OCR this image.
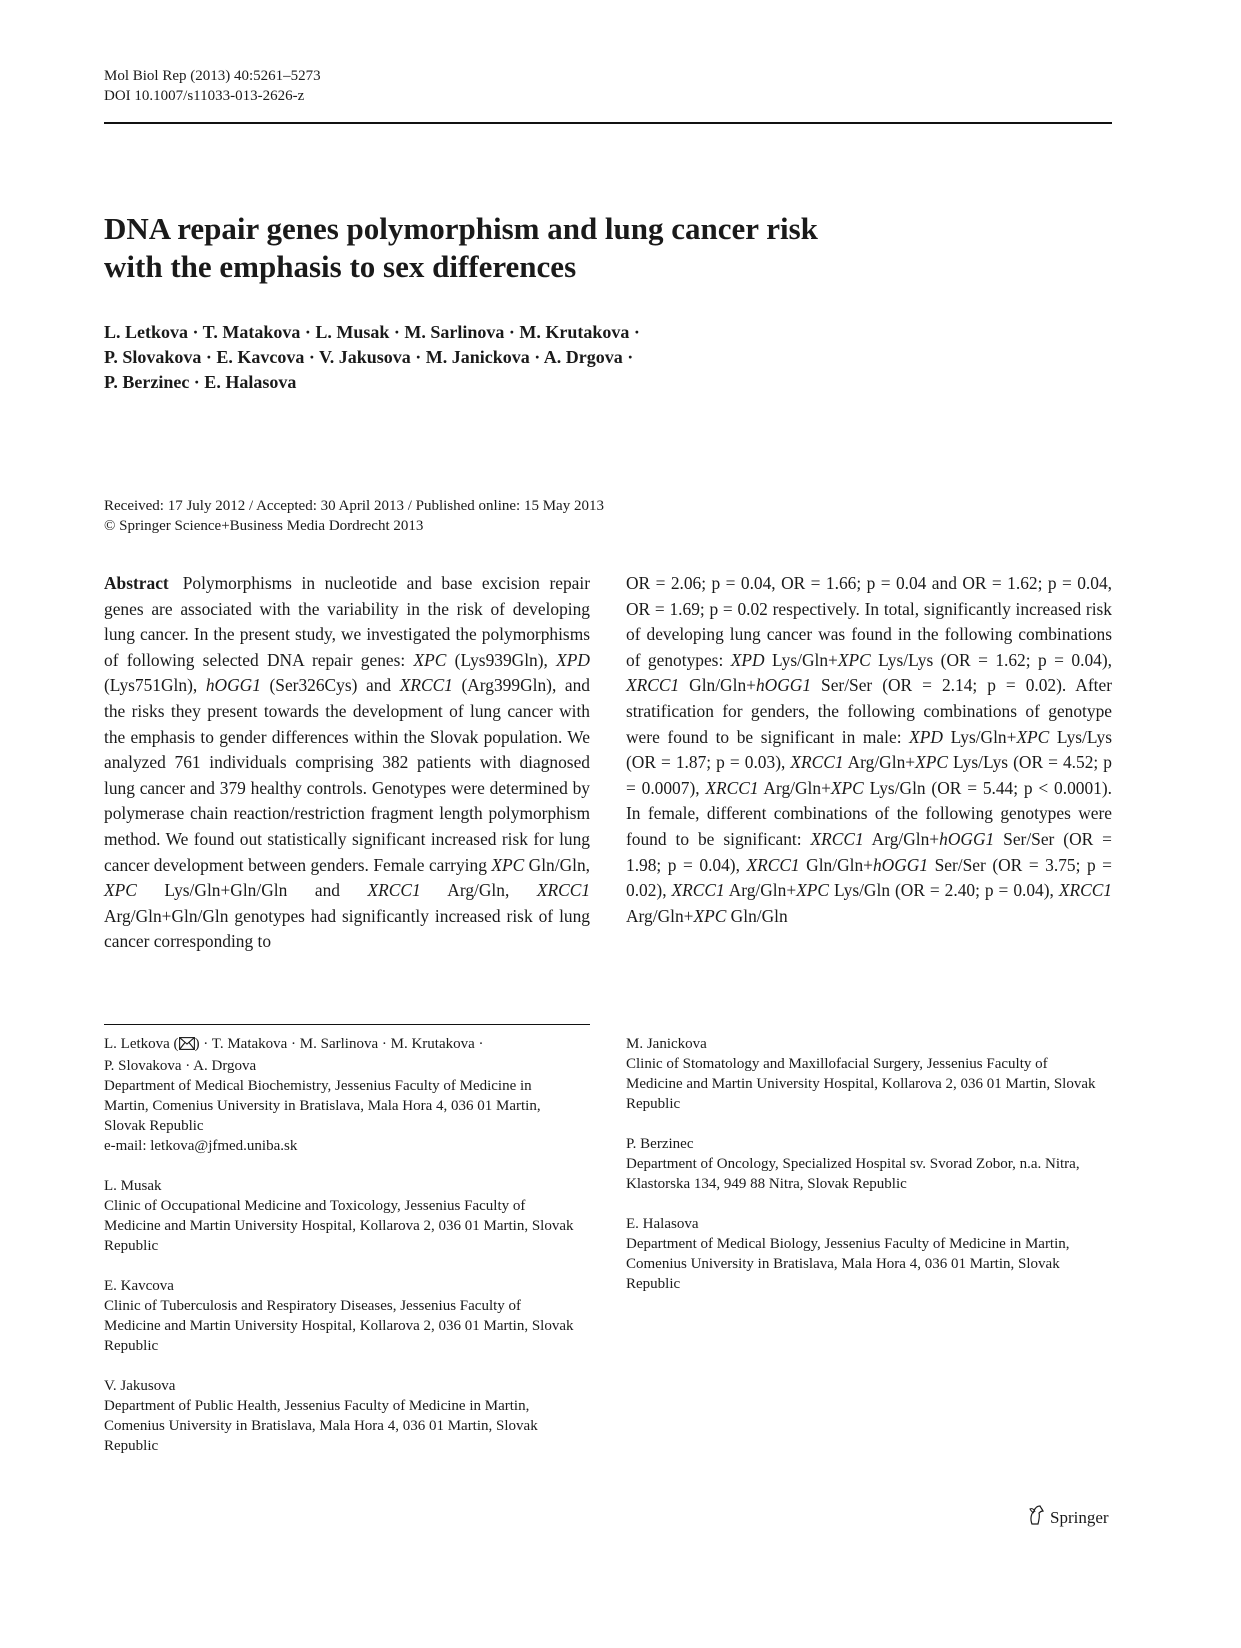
Mol Biol Rep (2013) 40:5261–5273
DOI 10.1007/s11033-013-2626-z
DNA repair genes polymorphism and lung cancer risk
with the emphasis to sex differences
L. Letkova · T. Matakova · L. Musak · M. Sarlinova · M. Krutakova ·
P. Slovakova · E. Kavcova · V. Jakusova · M. Janickova · A. Drgova ·
P. Berzinec · E. Halasova
Received: 17 July 2012 / Accepted: 30 April 2013 / Published online: 15 May 2013
© Springer Science+Business Media Dordrecht 2013

Abstract Polymorphisms in nucleotide and base excision repair genes are associated with the variability in the risk of developing lung cancer. In the present study, we investigated the polymorphisms of following selected DNA repair genes: XPC (Lys939Gln), XPD (Lys751Gln), hOGG1 (Ser326Cys) and XRCC1 (Arg399Gln), and the risks they present towards the development of lung cancer with the emphasis to gender differences within the Slovak population. We analyzed 761 individuals comprising 382 patients with diagnosed lung cancer and 379 healthy controls. Genotypes were determined by polymerase chain reaction/restriction fragment length polymorphism method. We found out statistically significant increased risk for lung cancer development between genders. Female carrying XPC Gln/Gln, XPC Lys/Gln+Gln/Gln and XRCC1 Arg/Gln, XRCC1 Arg/Gln+Gln/Gln genotypes had significantly increased risk of lung cancer corresponding to

OR = 2.06; p = 0.04, OR = 1.66; p = 0.04 and OR = 1.62; p = 0.04, OR = 1.69; p = 0.02 respectively. In total, significantly increased risk of developing lung cancer was found in the following combinations of genotypes: XPD Lys/Gln+XPC Lys/Lys (OR = 1.62; p = 0.04), XRCC1 Gln/Gln+hOGG1 Ser/Ser (OR = 2.14; p = 0.02). After stratification for genders, the following combinations of genotype were found to be significant in male: XPD Lys/Gln+XPC Lys/Lys (OR = 1.87; p = 0.03), XRCC1 Arg/Gln+XPC Lys/Lys (OR = 4.52; p = 0.0007), XRCC1 Arg/Gln+XPC Lys/Gln (OR = 5.44; p < 0.0001). In female, different combinations of the following genotypes were found to be significant: XRCC1 Arg/Gln+hOGG1 Ser/Ser (OR = 1.98; p = 0.04), XRCC1 Gln/Gln+hOGG1 Ser/Ser (OR = 3.75; p = 0.02), XRCC1 Arg/Gln+XPC Lys/Gln (OR = 2.40; p = 0.04), XRCC1 Arg/Gln+XPC Gln/Gln

L. Letkova ( ) · T. Matakova · M. Sarlinova · M. Krutakova ·
P. Slovakova · A. Drgova
Department of Medical Biochemistry, Jessenius Faculty of Medicine in Martin, Comenius University in Bratislava, Mala Hora 4, 036 01 Martin, Slovak Republic
e-mail: letkova@jfmed.uniba.sk
L. Musak
Clinic of Occupational Medicine and Toxicology, Jessenius Faculty of Medicine and Martin University Hospital, Kollarova 2, 036 01 Martin, Slovak Republic
E. Kavcova
Clinic of Tuberculosis and Respiratory Diseases, Jessenius Faculty of Medicine and Martin University Hospital, Kollarova 2, 036 01 Martin, Slovak Republic
V. Jakusova
Department of Public Health, Jessenius Faculty of Medicine in Martin, Comenius University in Bratislava, Mala Hora 4, 036 01 Martin, Slovak Republic
M. Janickova
Clinic of Stomatology and Maxillofacial Surgery, Jessenius Faculty of Medicine and Martin University Hospital, Kollarova 2, 036 01 Martin, Slovak Republic
P. Berzinec
Department of Oncology, Specialized Hospital sv. Svorad Zobor, n.a. Nitra, Klastorska 134, 949 88 Nitra, Slovak Republic
E. Halasova
Department of Medical Biology, Jessenius Faculty of Medicine in Martin, Comenius University in Bratislava, Mala Hora 4, 036 01 Martin, Slovak Republic
Springer
